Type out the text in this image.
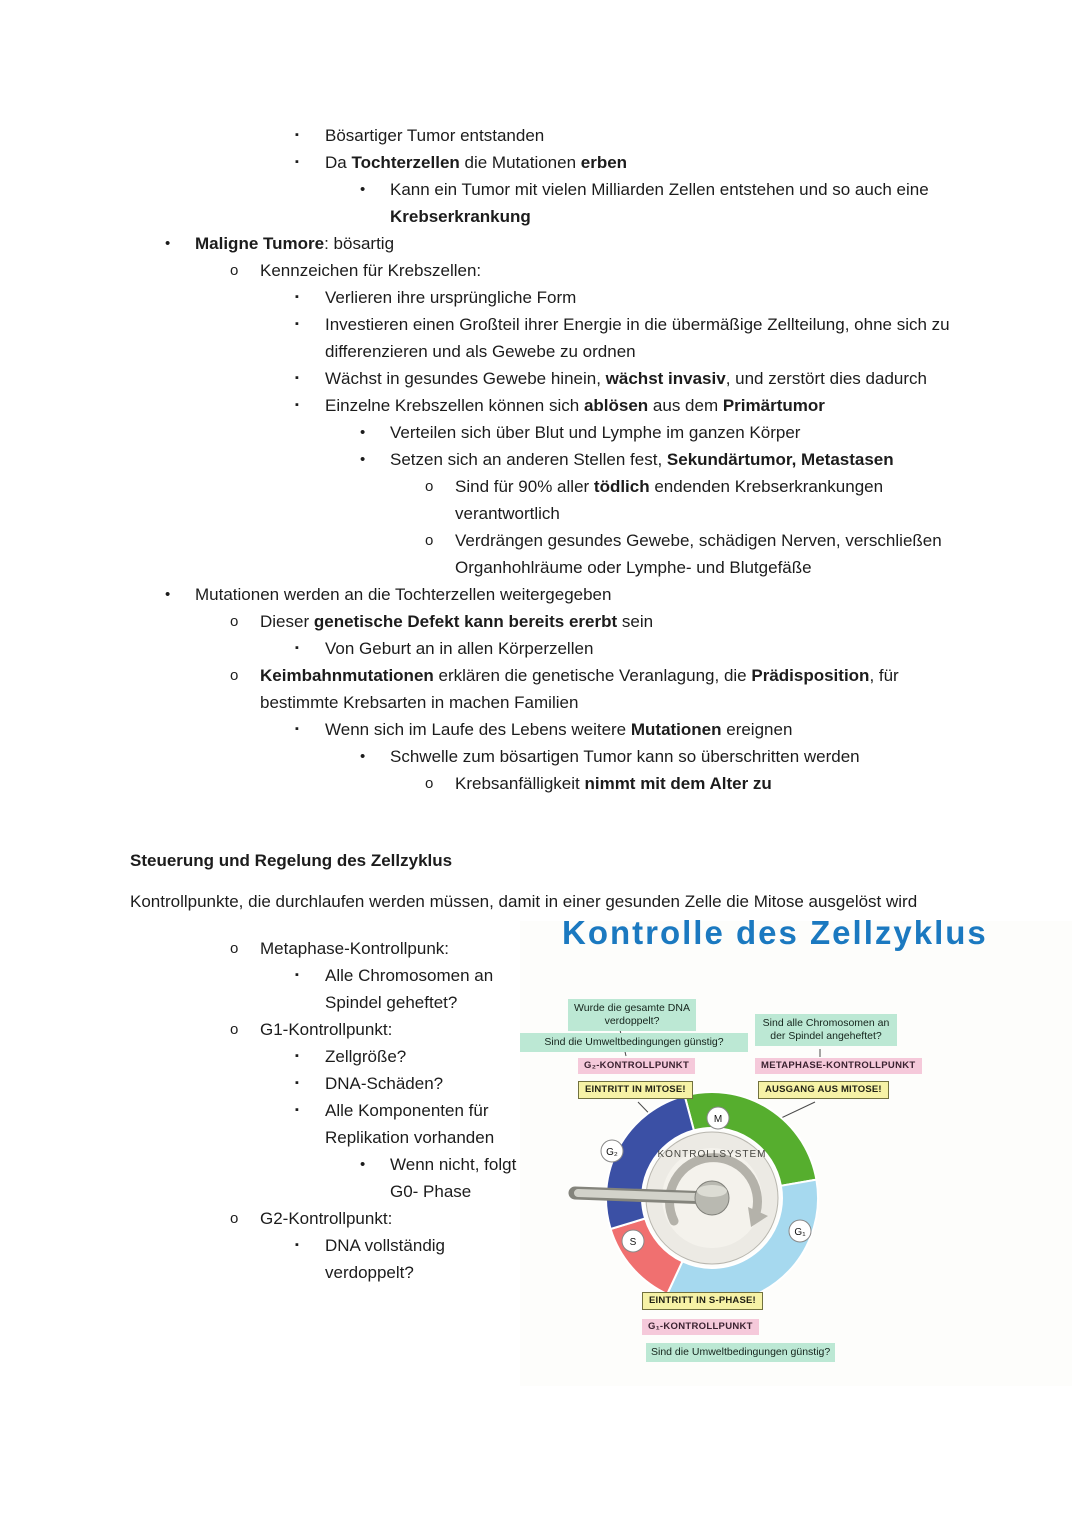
▪	Bösartiger Tumor entstanden
▪	Da Tochterzellen die Mutationen erben
•	Kann ein Tumor mit vielen Milliarden Zellen entstehen und so auch eine Krebserkrankung
•	Maligne Tumore: bösartig
o	Kennzeichen für Krebszellen:
▪	Verlieren ihre ursprüngliche Form
▪	Investieren einen Großteil ihrer Energie in die übermäßige Zellteilung, ohne sich zu differenzieren und als Gewebe zu ordnen
▪	Wächst in gesundes Gewebe hinein, wächst invasiv, und zerstört dies dadurch
▪	Einzelne Krebszellen können sich ablösen aus dem Primärtumor
•	Verteilen sich über Blut und Lymphe im ganzen Körper
•	Setzen sich an anderen Stellen fest, Sekundärtumor, Metastasen
o	Sind für 90% aller tödlich endenden Krebserkrankungen verantwortlich
o	Verdrängen gesundes Gewebe, schädigen Nerven, verschließen Organhohlräume oder Lymphe- und Blutgefäße
•	Mutationen werden an die Tochterzellen weitergegeben
o	Dieser genetische Defekt kann bereits ererbt sein
▪	Von Geburt an in allen Körperzellen
o	Keimbahnmutationen erklären die genetische Veranlagung, die Prädisposition, für bestimmte Krebsarten in machen Familien
▪	Wenn sich im Laufe des Lebens weitere Mutationen ereignen
•	Schwelle zum bösartigen Tumor kann so überschritten werden
o	Krebsanfälligkeit nimmt mit dem Alter zu
Steuerung und Regelung des Zellzyklus

Kontrollpunkte, die durchlaufen werden müssen, damit in einer gesunden Zelle die Mitose ausgelöst wird

o	Metaphase-Kontrollpunk:
▪	Alle Chromosomen an Spindel geheftet?
o	G1-Kontrollpunkt:
▪	Zellgröße?
▪	DNA-Schäden?
▪	Alle Komponenten für Replikation vorhanden
•	Wenn nicht, folgt G0- Phase
o	G2-Kontrollpunkt:
▪	DNA vollständig verdoppelt?
Kontrolle des Zellzyklus
KONTROLLSYSTEM
G₂
M
G₁
S
Wurde die gesamte DNA verdoppelt?
Sind die Umweltbedingungen günstig?
Sind alle Chromosomen an der Spindel angeheftet?
G₂-KONTROLLPUNKT	METAPHASE-KONTROLLPUNKT
EINTRITT IN MITOSE!	AUSGANG AUS MITOSE!
EINTRITT IN S-PHASE!
G₁-KONTROLLPUNKT
Sind die Umweltbedingungen günstig?
